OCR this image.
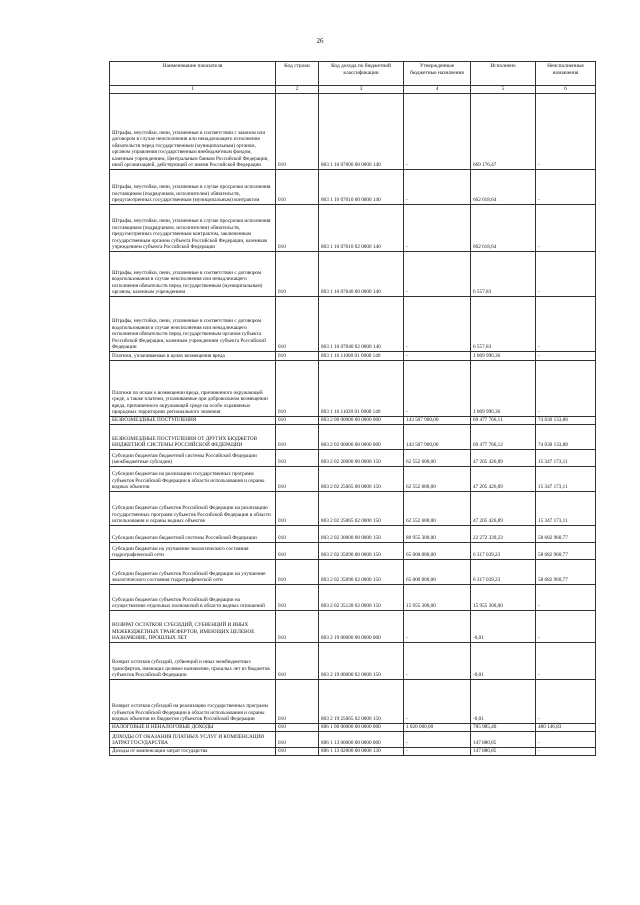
26
Наименование показателя	Код строки	Код дохода по бюджетной классификации	Утвержденные бюджетные назначения	Исполнено	Неисполненные назначения
1	2	3	4	5	6
Штрафы, неустойки, пени, уплаченные в соответствии с законом или договором в случае неисполнения или ненадлежащего исполнения обязательств перед государственным (муниципальным) органом, органом управления государственным внебюджетным фондом, казенным учреждением, Центральным банком Российской Федерации, иной организацией, действующей от имени Российской Федерации	010	803 1 16 07000 00 0000 140	-	669 176,47	-
Штрафы, неустойки, пени, уплаченные в случае просрочки исполнения поставщиком (подрядчиком, исполнителем) обязательств, предусмотренных государственным (муниципальным) контрактом	010	803 1 16 07010 00 0000 140	-	662 618,64	-
Штрафы, неустойки, пени, уплаченные в случае просрочки исполнения поставщиком (подрядчиком, исполнителем) обязательств, предусмотренных государственным контрактом, заключенным государственным органом субъекта Российской Федерации, казенным учреждением субъекта Российской Федерации	010	803 1 16 07010 02 0000 140	-	662 618,64	-
Штрафы, неустойки, пени, уплаченные в соответствии с договором водопользования в случае неисполнения или ненадлежащего исполнения обязательств перед государственным (муниципальным) органом, казенным учреждением	010	803 1 16 07040 00 0000 140	-	6 557,83	-
Штрафы, неустойки, пени, уплаченные в соответствии с договором водопользования в случае неисполнения или ненадлежащего исполнения обязательств перед государственным органом субъекта Российской Федерации, казенным учреждением субъекта Российской Федерации	010	803 1 16 07040 02 0000 140	-	6 557,83	-
Платежи, уплачиваемые в целях возмещения вреда	010	803 1 16 11000 01 0000 140	-	1 009 996,36	-
Платежи по искам о возмещении вреда, причиненного окружающей среде, а также платежи, уплачиваемые при добровольном возмещении вреда, причиненного окружающей среде на особо охраняемых природных территориях регионального значения	010	803 1 16 11020 01 0000 140	-	1 009 996,36	-
БЕЗВОЗМЕЗДНЫЕ ПОСТУПЛЕНИЯ	010	803 2 00 00000 00 0000 000	143 507 900,00	69 477 766,11	74 030 133,88
БЕЗВОЗМЕЗДНЫЕ ПОСТУПЛЕНИЯ ОТ ДРУГИХ БЮДЖЕТОВ БЮДЖЕТНОЙ СИСТЕМЫ РОССИЙСКОЙ ФЕДЕРАЦИИ	010	803 2 02 00000 00 0000 000	143 507 900,00	69 477 766,12	74 030 133,88
Субсидии бюджетам бюджетной системы Российской Федерации (межбюджетные субсидии)	010	803 2 02 20000 00 0000 150	62 552 600,00	47 205 426,89	15 347 173,11
Субсидии бюджетам на реализацию государственных программ субъектов Российской Федерации в области использования и охраны водных объектов	010	803 2 02 25065 00 0000 150	62 552 600,00	47 205 426,89	15 347 173,11
Субсидии бюджетам субъектов Российской Федерации на реализацию государственных программ субъектов Российской Федерации в области использования и охраны водных объектов	010	803 2 02 25065 02 0000 150	62 552 600,00	47 205 426,89	15 347 173,11
Субсидии бюджетам бюджетной системы Российской Федерации	010	803 2 02 30000 00 0000 150	80 955 300,00	22 272 339,23	58 682 960,77
Субсидии бюджетам на улучшение экологического состояния гидрографической сети	010	803 2 02 35090 00 0000 150	65 000 000,00	6 317 039,23	58 682 960,77
Субсидии бюджетам субъектов Российской Федерации на улучшение экологического состояния гидрографической сети	010	803 2 02 35090 02 0000 150	65 000 000,00	6 317 039,23	58 682 960,77
Субсидии бюджетам субъектов Российской Федерации на осуществление отдельных полномочий в области водных отношений	010	803 2 02 35128 02 0000 150	15 955 300,00	15 955 300,00	-
ВОЗВРАТ ОСТАТКОВ СУБСИДИЙ, СУБВЕНЦИЙ И ИНЫХ МЕЖБЮДЖЕТНЫХ ТРАНСФЕРТОВ, ИМЕЮЩИХ ЦЕЛЕВОЕ НАЗНАЧЕНИЕ, ПРОШЛЫХ ЛЕТ	010	803 2 19 00000 00 0000 000	-	-0,01	-
Возврат остатков субсидий, субвенций и иных межбюджетных трансфертов, имеющих целевое назначение, прошлых лет из бюджетов субъектов Российской Федерации	010	803 2 19 00000 02 0000 150	-	-0,01	-
Возврат остатков субсидий на реализацию государственных программ субъектов Российской Федерации в области использования и охраны водных объектов из бюджетов субъектов Российской Федерации	010	803 2 19 25065 02 0000 150	-	-0,01	-
НАЛОГОВЫЕ И НЕНАЛОГОВЫЕ ДОХОДЫ	010	806 1 00 00000 00 0000 000	1 020 000,00	785 985,40	480 146,83
ДОХОДЫ ОТ ОКАЗАНИЯ ПЛАТНЫХ УСЛУГ И КОМПЕНСАЦИИ ЗАТРАТ ГОСУДАРСТВА	010	806 1 13 00000 00 0000 000	-	147 880,85	-
Доходы от компенсации затрат государства	010	806 1 13 02000 00 0000 130	-	147 880,85	-
